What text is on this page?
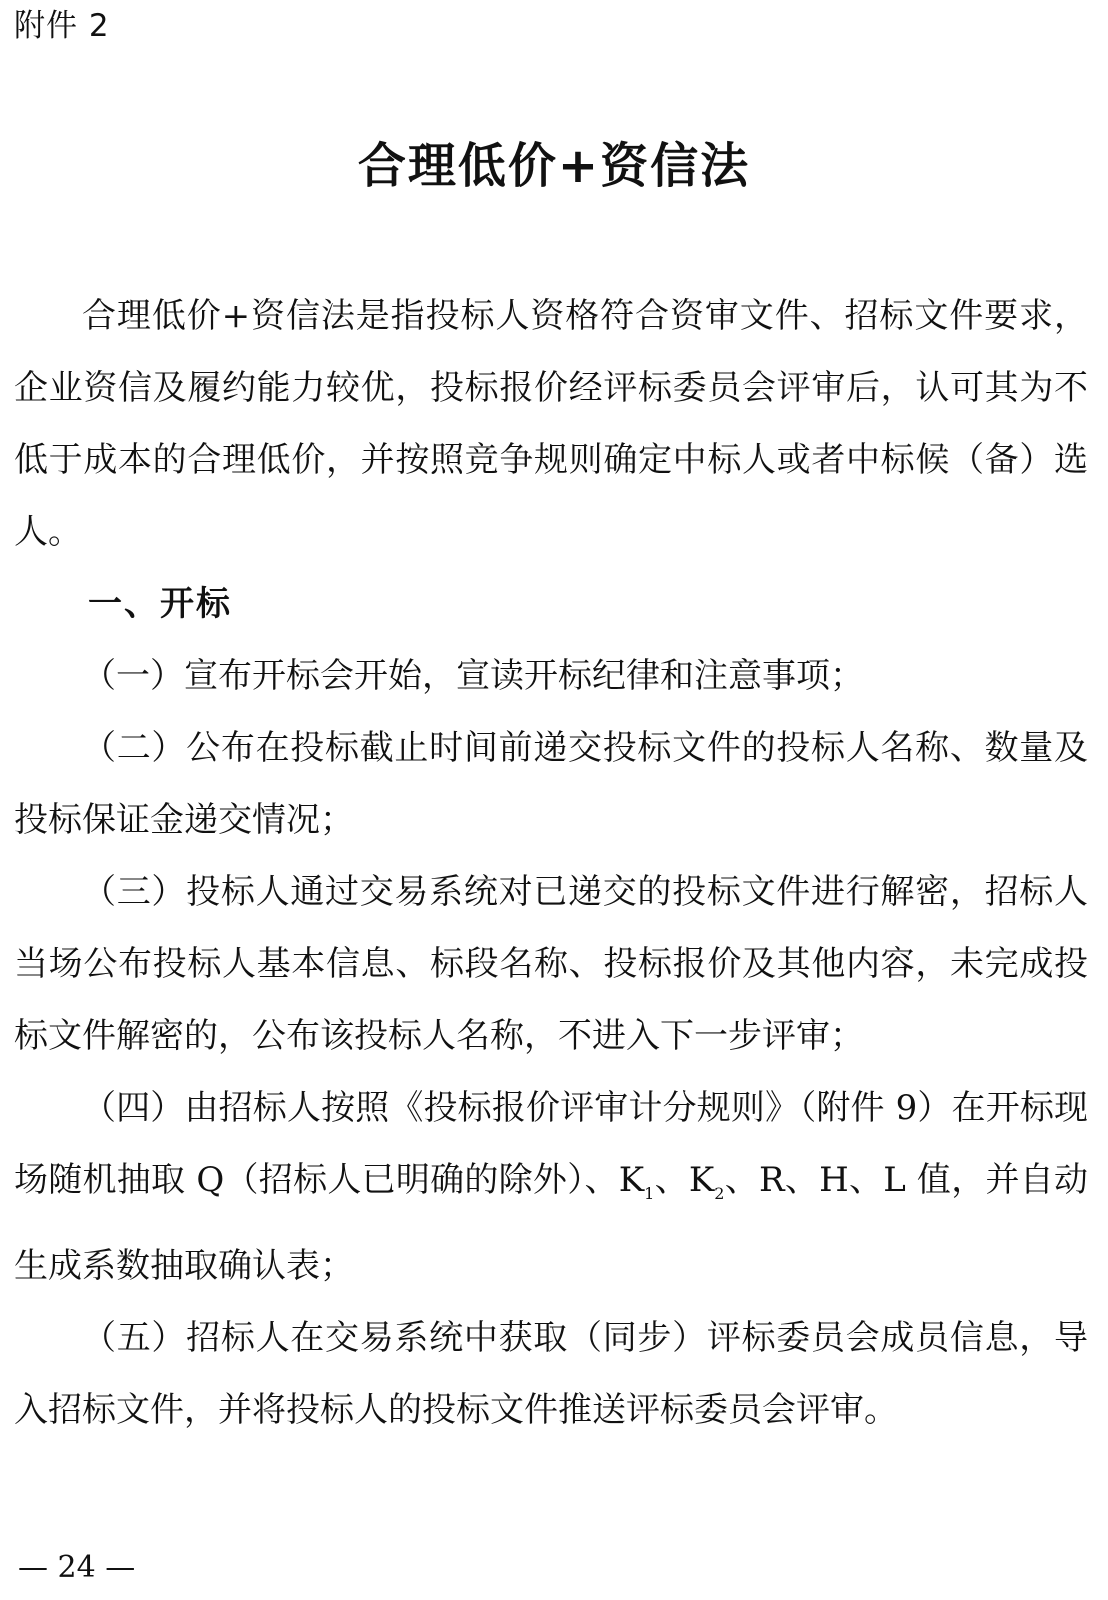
附件 2
合理低价+资信法

合理低价+资信法是指投标人资格符合资审文件、招标文件要求，企业资信及履约能力较优，投标报价经评标委员会评审后，认可其为不低于成本的合理低价，并按照竞争规则确定中标人或者中标候（备）选人。

一、开标

（一）宣布开标会开始，宣读开标纪律和注意事项；

（二）公布在投标截止时间前递交投标文件的投标人名称、数量及投标保证金递交情况；

（三）投标人通过交易系统对已递交的投标文件进行解密，招标人当场公布投标人基本信息、标段名称、投标报价及其他内容，未完成投标文件解密的，公布该投标人名称，不进入下一步评审；

（四）由招标人按照《投标报价评审计分规则》（附件 9）在开标现场随机抽取 Q（招标人已明确的除外）、$K_1$、$K_2$、R、H、L 值，并自动生成系数抽取确认表；

（五）招标人在交易系统中获取（同步）评标委员会成员信息，导入招标文件，并将投标人的投标文件推送评标委员会评审。

— 24 —
